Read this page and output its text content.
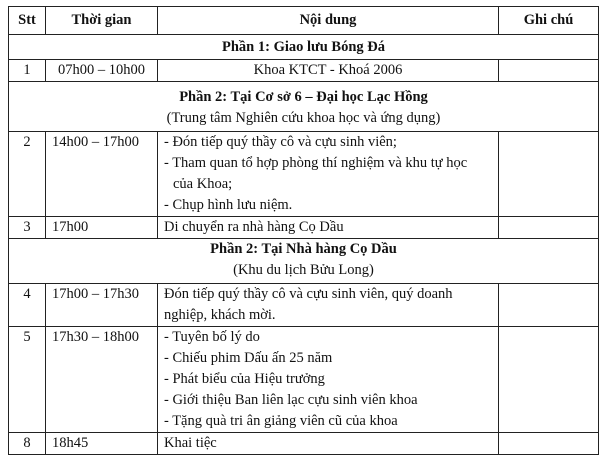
Stt	Thời gian	Nội dung	Ghi chú

Phần 1: Giao lưu Bóng Đá			

1	07h00 – 10h00	Khoa KTCT - Khoá 2006	

Phần 2: Tại Cơ sở 6 – Đại học Lạc Hồng
(Trung tâm Nghiên cứu khoa học và ứng dụng)			

2	14h00 – 17h00	- Đón tiếp quý thầy cô và cựu sinh viên;
- Tham quan tổ hợp phòng thí nghiệm và khu tự học
của Khoa;
- Chụp hình lưu niệm.	

3	17h00	Di chuyển ra nhà hàng Cọ Dầu	

Phần 2: Tại Nhà hàng Cọ Dầu
(Khu du lịch Bửu Long)			

4	17h00 – 17h30	Đón tiếp quý thầy cô và cựu sinh viên, quý doanh
nghiệp, khách mời.	

5	17h30 – 18h00	- Tuyên bố lý do
- Chiếu phim Dấu ấn 25 năm
- Phát biểu của Hiệu trưởng
- Giới thiệu Ban liên lạc cựu sinh viên khoa
- Tặng quà tri ân giảng viên cũ của khoa	

8	18h45	Khai tiệc	
